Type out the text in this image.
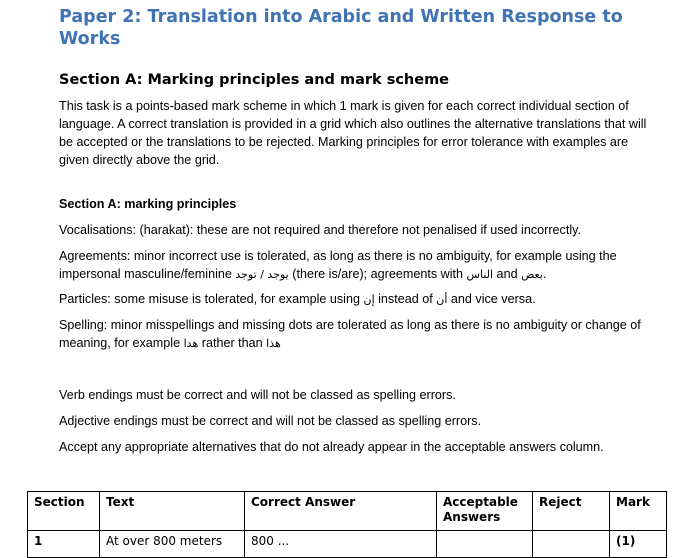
Paper 2: Translation into Arabic and Written Response to Works
Section A: Marking principles and mark scheme
This task is a points-based mark scheme in which 1 mark is given for each correct individual section of language. A correct translation is provided in a grid which also outlines the alternative translations that will be accepted or the translations to be rejected. Marking principles for error tolerance with examples are given directly above the grid.
Section A: marking principles
Vocalisations: (harakat): these are not required and therefore not penalised if used incorrectly.
Agreements: minor incorrect use is tolerated, as long as there is no ambiguity, for example using the impersonal masculine/feminine يوجد / توجد (there is/are); agreements with الناس and بعض.
Particles: some misuse is tolerated, for example using إن instead of أن and vice versa.
Spelling: minor misspellings and missing dots are tolerated as long as there is no ambiguity or change of meaning, for example هدا rather than هذا
Verb endings must be correct and will not be classed as spelling errors.
Adjective endings must be correct and will not be classed as spelling errors.
Accept any appropriate alternatives that do not already appear in the acceptable answers column.
Section	Text	Correct Answer	Acceptable Answers	Reject	Mark
1	At over 800 meters	800 ...			(1)
